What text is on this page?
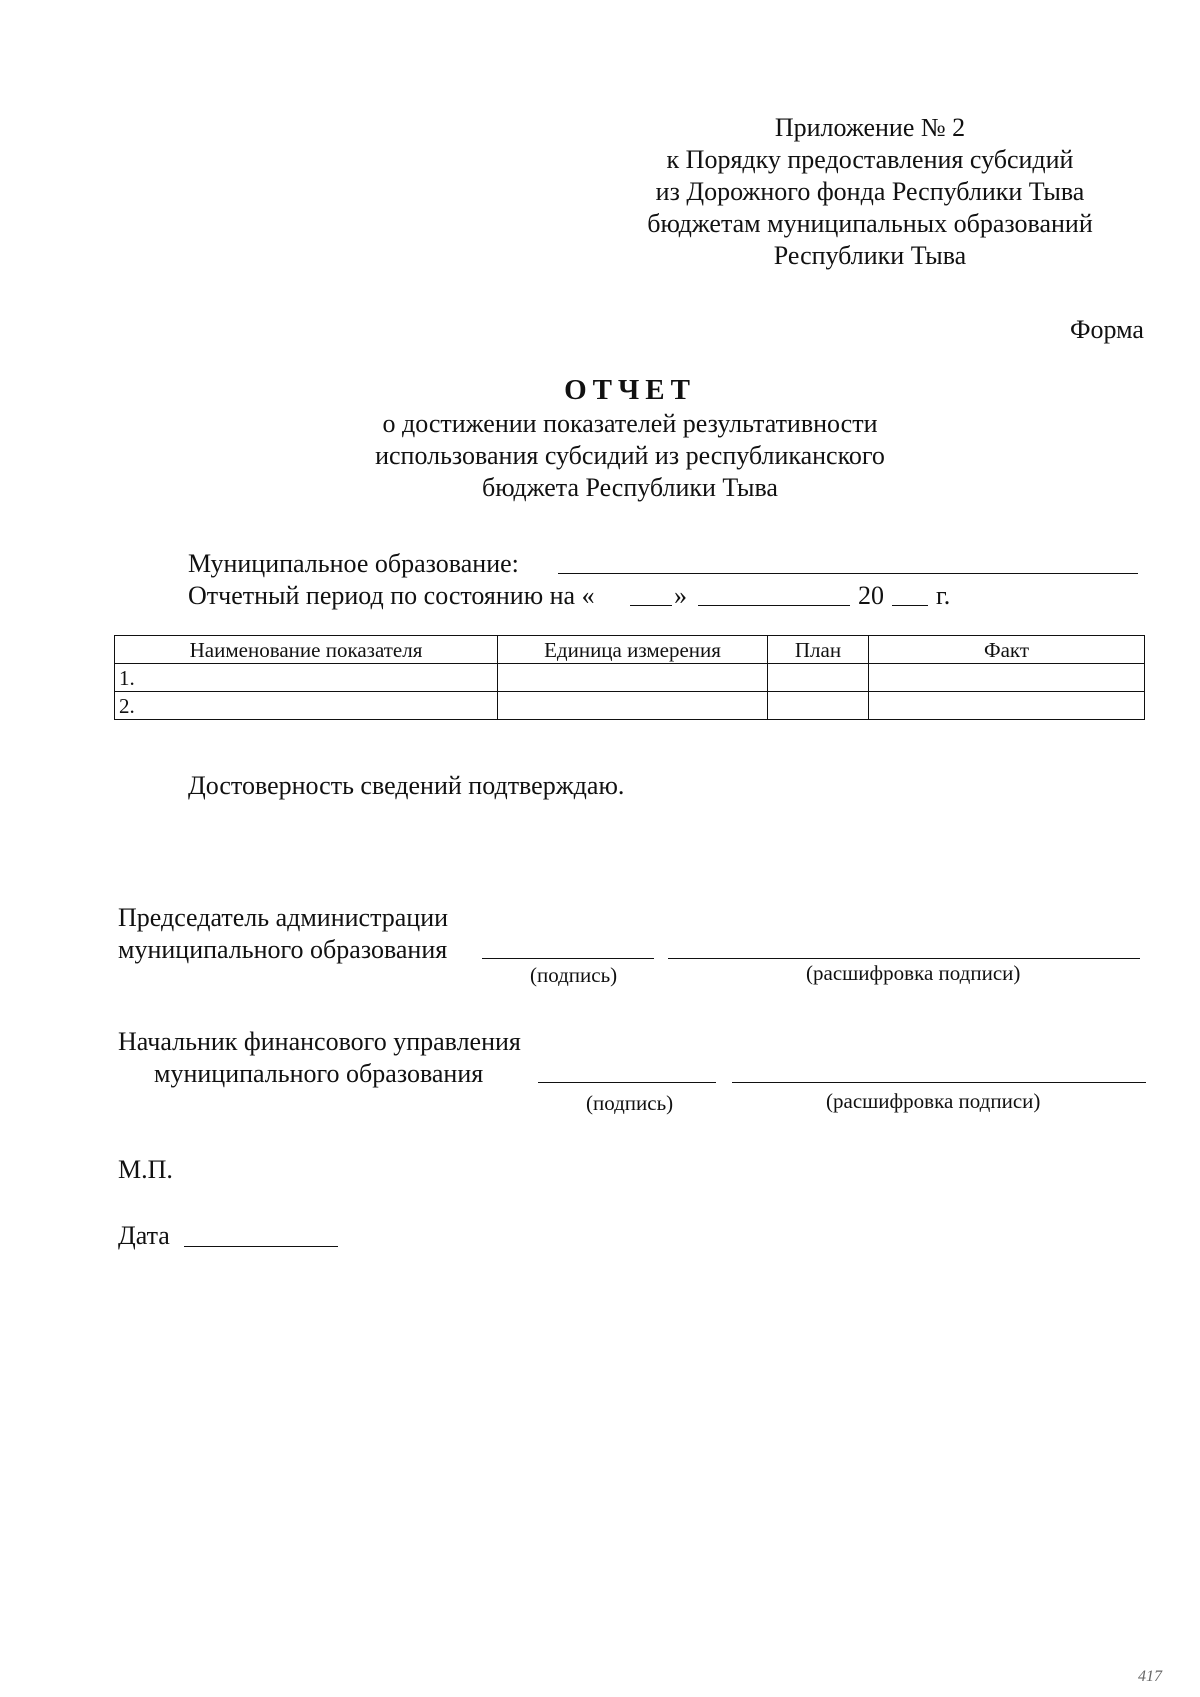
Приложение № 2
к Порядку предоставления субсидий
из Дорожного фонда Республики Тыва
бюджетам муниципальных образований
Республики Тыва
Форма
ОТЧЕТ
о достижении показателей результативности
использования субсидий из республиканского
бюджета Республики Тыва
Муниципальное образование:
Отчетный период по состоянию на «	»	20 г.
Наименование показателя	Единица измерения	План	Факт
1.			
2.			
Достоверность сведений подтверждаю.
Председатель администрации
муниципального образования
(подпись)	(расшифровка подписи)
Начальник финансового управления
муниципального образования
(подпись)	(расшифровка подписи)
М.П.
Дата
417
